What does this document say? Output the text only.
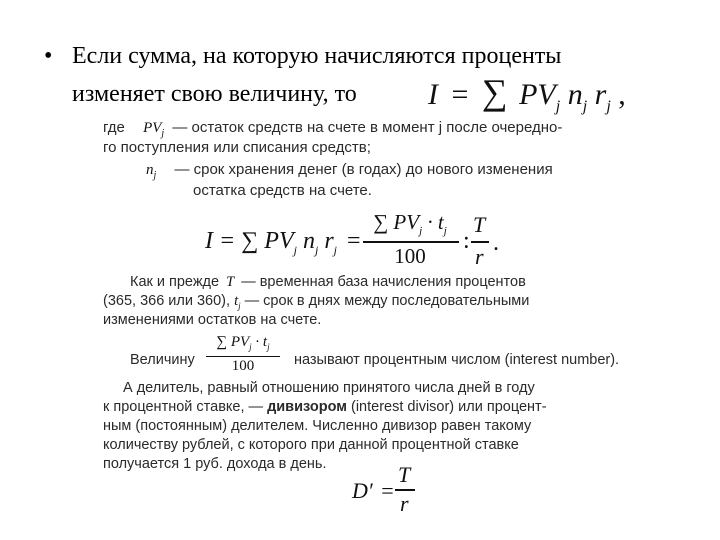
• Если сумма, на которую начисляются проценты
изменяет свою величину, то I = ∑ $PV_j$ $n_j$ $r_j$ ,
где $PV_j$ — остаток средств на счете в момент j после очередно-
го поступления или списания средств;
$n_j$ — срок хранения денег (в годах) до нового изменения
остатка средств на счете.
I = ∑ $PV_j$ $n_j$ $r_j$ =
∑ $PV_j \cdot t_j$
100
:
T
r
.
Как и прежде T — временная база начисления процентов
(365, 366 или 360), $t_j$ — срок в днях между последовательными
изменениями остатков на счете.
Величину
∑ $PV_j \cdot t_j$
100	называют процентным числом (interest number).
А делитель, равный отношению принятого числа дней в году
к процентной ставке, — дивизором (interest divisor) или процент-
ным (постоянным) делителем. Численно дивизор равен такому
количеству рублей, с которого при данной процентной ставке
получается 1 руб. дохода в день.
D′ =
T
r
